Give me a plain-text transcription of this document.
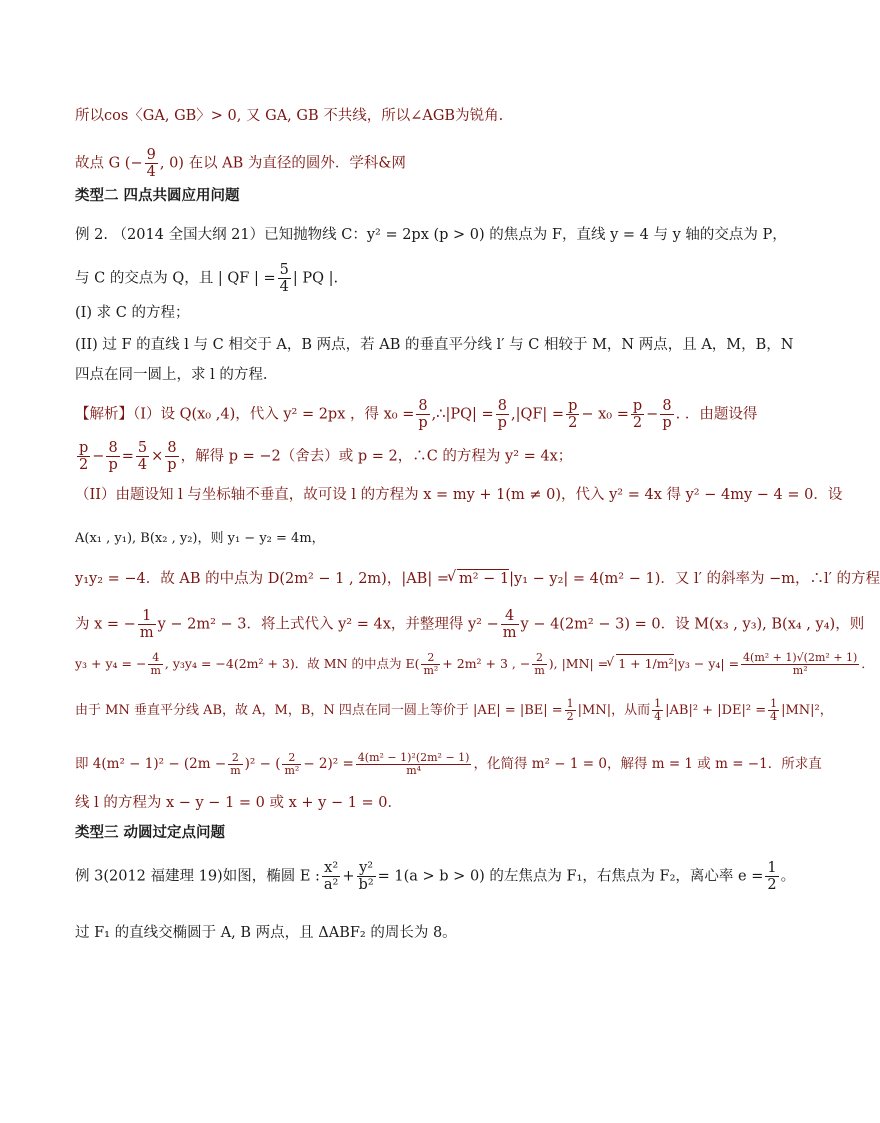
所以cos〈GA, GB〉> 0, 又 GA, GB 不共线，所以∠AGB为锐角.
故点 G (− $\frac{9}{4}$ , 0) 在以 AB 为直径的圆外．学科&网
类型二 四点共圆应用问题
例 2. （2014 全国大纲 21）已知抛物线 C：y² = 2px (p > 0) 的焦点为 F，直线 y = 4 与 y 轴的交点为 P，
与 C 的交点为 Q，且 | QF | = $\frac{5}{4}$ | PQ |.
(I) 求 C 的方程；
(II) 过 F 的直线 l 与 C 相交于 A，B 两点，若 AB 的垂直平分线 l′ 与 C 相较于 M，N 两点，且 A，M，B，N
四点在同一圆上，求 l 的方程.
【解析】（I）设 Q(x₀ ,4)，代入 y² = 2px ，得 $x_0 = \frac{8}{p}$ ,∴|PQ| = $\frac{8}{p} ,|QF| = \frac{p}{2} - x_0 = \frac{p}{2} - \frac{8}{p}$ . ．由题设得
$\frac{p}{2} - \frac{8}{p} = \frac{5}{4} \times \frac{8}{p}$ ，解得 p = −2（舍去）或 p = 2，∴C 的方程为 y² = 4x；
（II）由题设知 l 与坐标轴不垂直，故可设 l 的方程为 x = my + 1(m ≠ 0)，代入 y² = 4x 得 y² − 4my − 4 = 0．设
A(x₁ , y₁), B(x₂ , y₂)，则 y₁ − y₂ = 4m，
y₁y₂ = −4．故 AB 的中点为 D(2m² − 1 , 2m)，|AB| = √ m² − 1|y₁ − y₂| = 4(m² − 1)．又 l′ 的斜率为 −m，∴l′ 的方程
为 x = − $\frac{1}{m}$ y − 2m² − 3．将上式代入 y² = 4x，并整理得 $y^2 - \frac{4}{m}$ y − 4(2m² − 3) = 0．设 M(x₃ , y₃), B(x₄ , y₄)，则
y₃ + y₄ = − $\frac{4}{m}$ , y₃y₄ = −4(2m² + 3)．故 MN 的中点为 $E( \frac{2}{\text{m²}} + 2m^2 + 3$ , − $\frac{2}{m}$ ), |MN| = √ $1 + 1/m^2|y_3 - y_4| = \frac{\text{4(m² + 1)√(2m² + 1)}}{\text{m²}}$ ．
由于 MN 垂直平分线 AB，故 A，M，B，N 四点在同一圆上等价于 $|AE| = |BE| = \frac{1}{2} |MN|$，从而 $\frac{1}{4} |AB|^2 + |DE|^2 = \frac{1}{4} |MN|^2$，
即 $4(m^2 - 1)^2 - (2m - \frac{2}{m} )^2$ − ( $\frac{2}{\text{m²}} - 2)^2 = \frac{\text{4(m² − 1)²(2m² − 1)}}{\text{m⁴}}$ ，化简得 m² − 1 = 0，解得 m = 1 或 m = −1．所求直
线 l 的方程为 x − y − 1 = 0 或 x + y − 1 = 0．
类型三 动圆过定点问题
例 3(2012 福建理 19)如图，椭圆 E : $\frac{\text{x²}}{\text{a²}} + \frac{\text{y²}}{\text{b²}} = 1(a > b > 0)$ 的左焦点为 F₁，右焦点为 F₂，离心率 $e = \frac{1}{2}$ 。
过 F₁ 的直线交椭圆于 A, B 两点，且 ΔABF₂ 的周长为 8。
